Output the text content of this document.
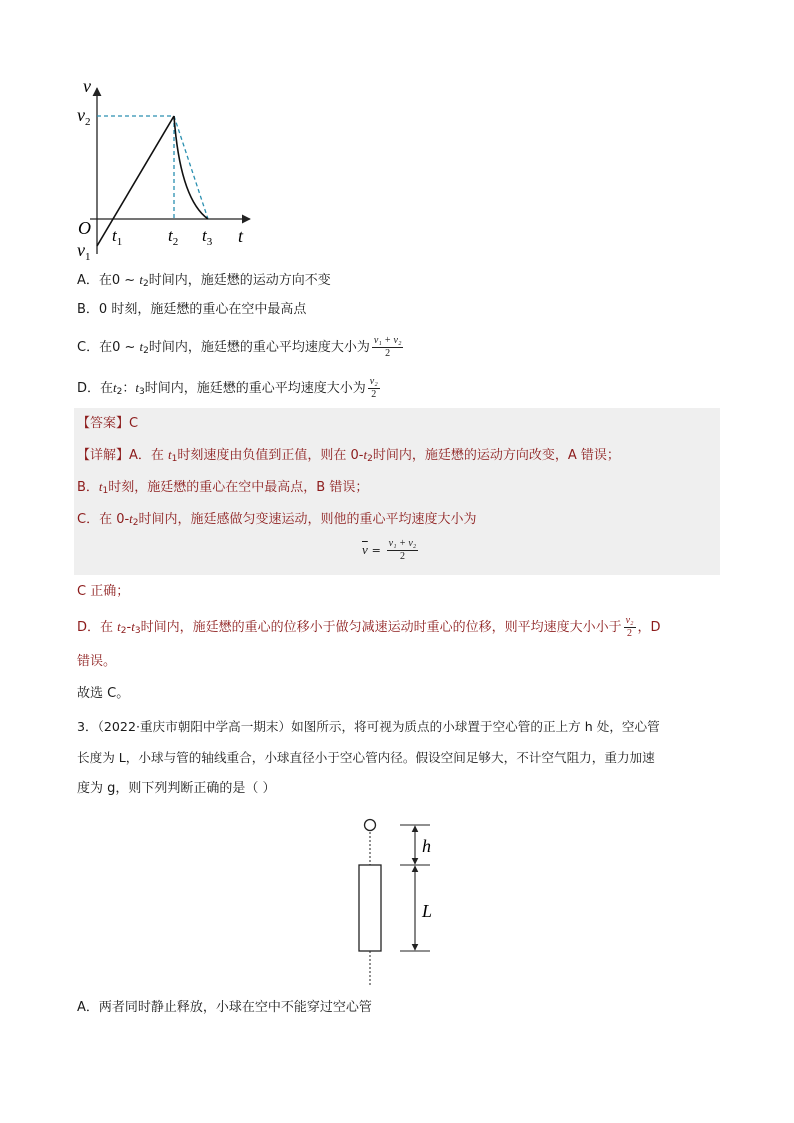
v
t
O
$v_2$
$v_1$
$t_1$	$t_2$ $t_3$
A．在0 ~ $t_2$时间内，施廷懋的运动方向不变
B．0 时刻，施廷懋的重心在空中最高点
C．在0 ~ $t_2$时间内，施廷懋的重心平均速度大小为 $\frac{\text{v₁ + v₂}}{2}$
D．在$t_2$：$t_3$时间内，施廷懋的重心平均速度大小为 $\frac{\text{v₂}}{2}$
【答案】C
【详解】A．在 $t_1$时刻速度由负值到正值，则在 $0-t_2$时间内，施廷懋的运动方向改变，A 错误；
B．$t_1$时刻，施廷懋的重心在空中最高点，B 错误；
C．在 $0-t_2$时间内，施廷感做匀变速运动，则他的重心平均速度大小为
$\overline{v} = \frac{\text{v₁ + v₂}}{2}$
C 正确；
D．在 $t_2-t_3$时间内，施廷懋的重心的位移小于做匀减速运动时重心的位移，则平均速度大小小于 $\frac{\text{v₂}}{2}$ ，D
错误。
故选 C。
3．（2022·重庆市朝阳中学高一期末）如图所示，将可视为质点的小球置于空心管的正上方 h 处，空心管
长度为 L，小球与管的轴线重合，小球直径小于空心管内径。假设空间足够大，不计空气阻力，重力加速
度为 g，则下列判断正确的是（ ）
h
L
A．两者同时静止释放，小球在空中不能穿过空心管
